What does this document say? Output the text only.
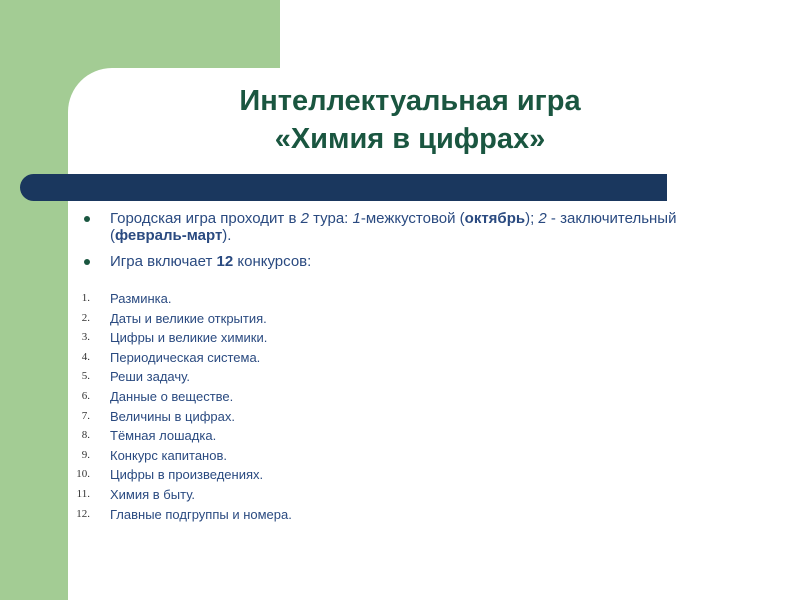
Интеллектуальная игра
«Химия в цифрах»
Городская игра проходит в 2 тура: 1-межкустовой (октябрь); 2 - заключительный (февраль-март).
Игра включает 12 конкурсов:
1. Разминка.
2. Даты и великие открытия.
3. Цифры и великие химики.
4. Периодическая система.
5. Реши задачу.
6. Данные о веществе.
7. Величины в цифрах.
8. Тёмная лошадка.
9. Конкурс капитанов.
10. Цифры в произведениях.
11. Химия в быту.
12. Главные подгруппы и номера.
